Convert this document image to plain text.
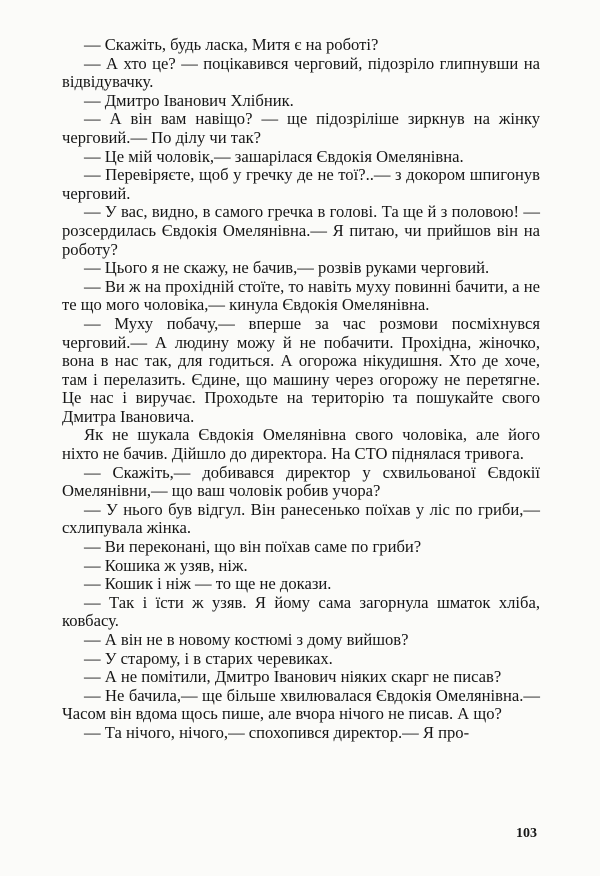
— Скажіть, будь ласка, Митя є на роботі?

— А хто це? — поцікавився черговий, підозріло глипнувши на відвідувачку.

— Дмитро Іванович Хлібник.

— А він вам навіщо? — ще підозріліше зиркнув на жінку черговий.— По ділу чи так?

— Це мій чоловік,— зашарілася Євдокія Омелянівна.

— Перевіряєте, щоб у гречку де не тої?..— з докором шпигонув черговий.

— У вас, видно, в самого гречка в голові. Та ще й з половою! — розсердилась Євдокія Омелянівна.— Я питаю, чи прийшов він на роботу?

— Цього я не скажу, не бачив,— розвів руками черговий.

— Ви ж на прохідній стоїте, то навіть муху повинні бачити, а не те що мого чоловіка,— кинула Євдокія Омелянівна.

— Муху побачу,— вперше за час розмови посміхнувся черговий.— А людину можу й не побачити. Прохідна, жіночко, вона в нас так, для годиться. А огорожа нікудишня. Хто де хоче, там і перелазить. Єдине, що машину через огорожу не перетягне. Це нас і виручає. Проходьте на територію та пошукайте свого Дмитра Івановича.

Як не шукала Євдокія Омелянівна свого чоловіка, але його ніхто не бачив. Дійшло до директора. На СТО піднялася тривога.

— Скажіть,— добивався директор у схвильованої Євдокії Омелянівни,— що ваш чоловік робив учора?

— У нього був відгул. Він ранесенько поїхав у ліс по гриби,— схлипувала жінка.

— Ви переконані, що він поїхав саме по гриби?

— Кошика ж узяв, ніж.

— Кошик і ніж — то ще не докази.

— Так і їсти ж узяв. Я йому сама загорнула шматок хліба, ковбасу.

— А він не в новому костюмі з дому вийшов?

— У старому, і в старих черевиках.

— А не помітили, Дмитро Іванович ніяких скарг не писав?

— Не бачила,— ще більше хвилювалася Євдокія Омелянівна.— Часом він вдома щось пише, але вчора нічого не писав. А що?

— Та нічого, нічого,— спохопився директор.— Я про-

103
